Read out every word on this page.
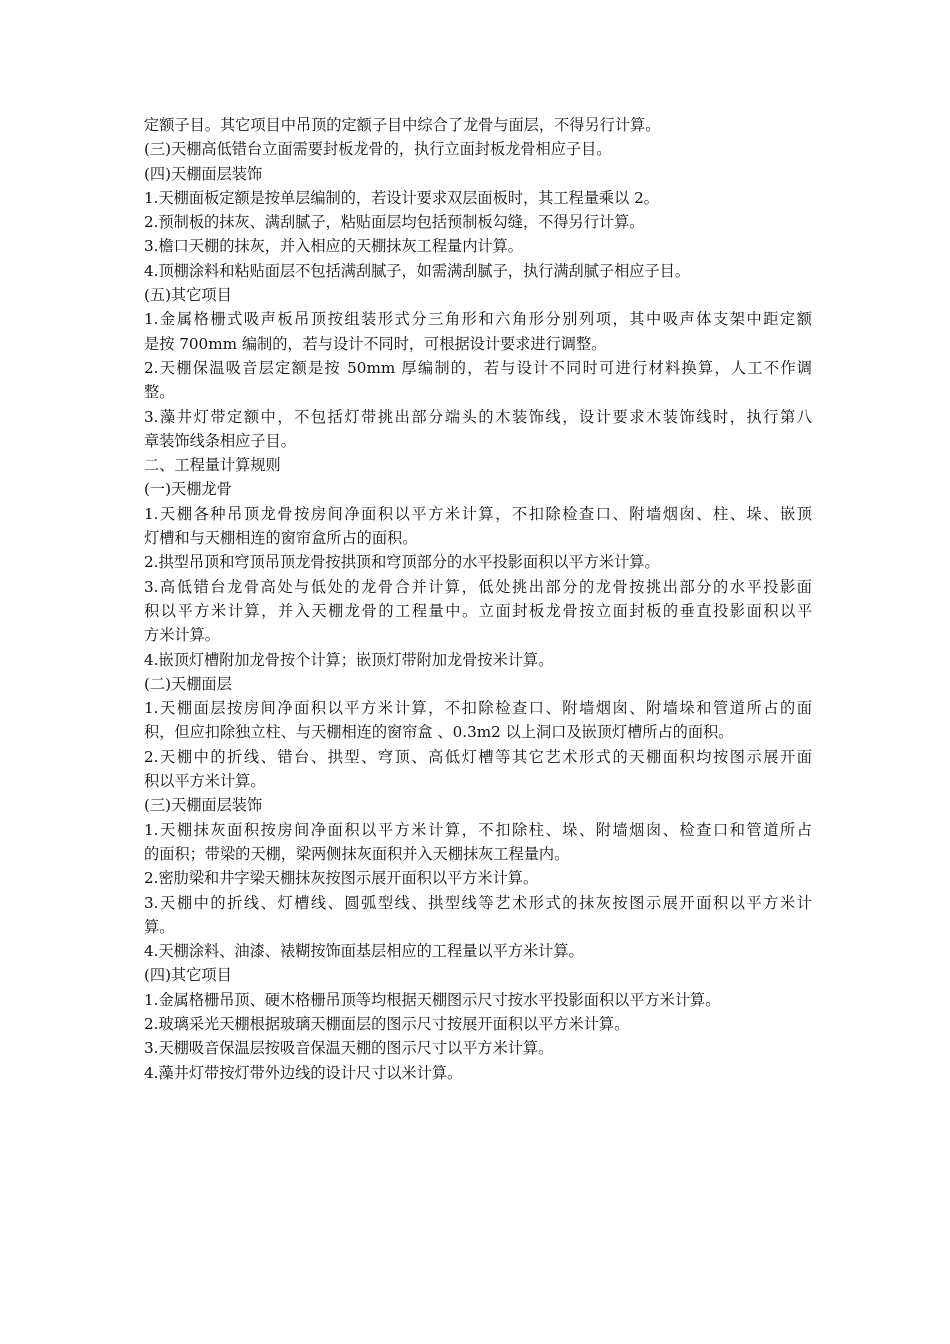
定额子目。其它项目中吊顶的定额子目中综合了龙骨与面层，不得另行计算。
(三)天棚高低错台立面需要封板龙骨的，执行立面封板龙骨相应子目。
(四)天棚面层装饰
1.天棚面板定额是按单层编制的，若设计要求双层面板时，其工程量乘以 2。
2.预制板的抹灰、满刮腻子，粘贴面层均包括预制板勾缝，不得另行计算。
3.檐口天棚的抹灰，并入相应的天棚抹灰工程量内计算。
4.顶棚涂料和粘贴面层不包括满刮腻子，如需满刮腻子，执行满刮腻子相应子目。
(五)其它项目
1.金属格栅式吸声板吊顶按组装形式分三角形和六角形分别列项，其中吸声体支架中距定额
是按 700mm 编制的，若与设计不同时，可根据设计要求进行调整。
2.天棚保温吸音层定额是按 50mm 厚编制的，若与设计不同时可进行材料换算，人工不作调
整。
3.藻井灯带定额中，不包括灯带挑出部分端头的木装饰线，设计要求木装饰线时，执行第八
章装饰线条相应子目。
二、工程量计算规则
(一)天棚龙骨
1.天棚各种吊顶龙骨按房间净面积以平方米计算，不扣除检查口、附墙烟囱、柱、垛、嵌顶
灯槽和与天棚相连的窗帘盒所占的面积。
2.拱型吊顶和穹顶吊顶龙骨按拱顶和穹顶部分的水平投影面积以平方米计算。
3.高低错台龙骨高处与低处的龙骨合并计算，低处挑出部分的龙骨按挑出部分的水平投影面
积以平方米计算，并入天棚龙骨的工程量中。立面封板龙骨按立面封板的垂直投影面积以平
方米计算。
4.嵌顶灯槽附加龙骨按个计算；嵌顶灯带附加龙骨按米计算。
(二)天棚面层
1.天棚面层按房间净面积以平方米计算，不扣除检查口、附墙烟囱、附墙垛和管道所占的面
积，但应扣除独立柱、与天棚相连的窗帘盒 、0.3m2 以上洞口及嵌顶灯槽所占的面积。
2.天棚中的折线、错台、拱型、穹顶、高低灯槽等其它艺术形式的天棚面积均按图示展开面
积以平方米计算。
(三)天棚面层装饰
1.天棚抹灰面积按房间净面积以平方米计算，不扣除柱、垛、附墙烟囱、检查口和管道所占
的面积；带梁的天棚，梁两侧抹灰面积并入天棚抹灰工程量内。
2.密肋梁和井字梁天棚抹灰按图示展开面积以平方米计算。
3.天棚中的折线、灯槽线、圆弧型线、拱型线等艺术形式的抹灰按图示展开面积以平方米计
算。
4.天棚涂料、油漆、裱糊按饰面基层相应的工程量以平方米计算。
(四)其它项目
1.金属格栅吊顶、硬木格栅吊顶等均根据天棚图示尺寸按水平投影面积以平方米计算。
2.玻璃采光天棚根据玻璃天棚面层的图示尺寸按展开面积以平方米计算。
3.天棚吸音保温层按吸音保温天棚的图示尺寸以平方米计算。
4.藻井灯带按灯带外边线的设计尺寸以米计算。
